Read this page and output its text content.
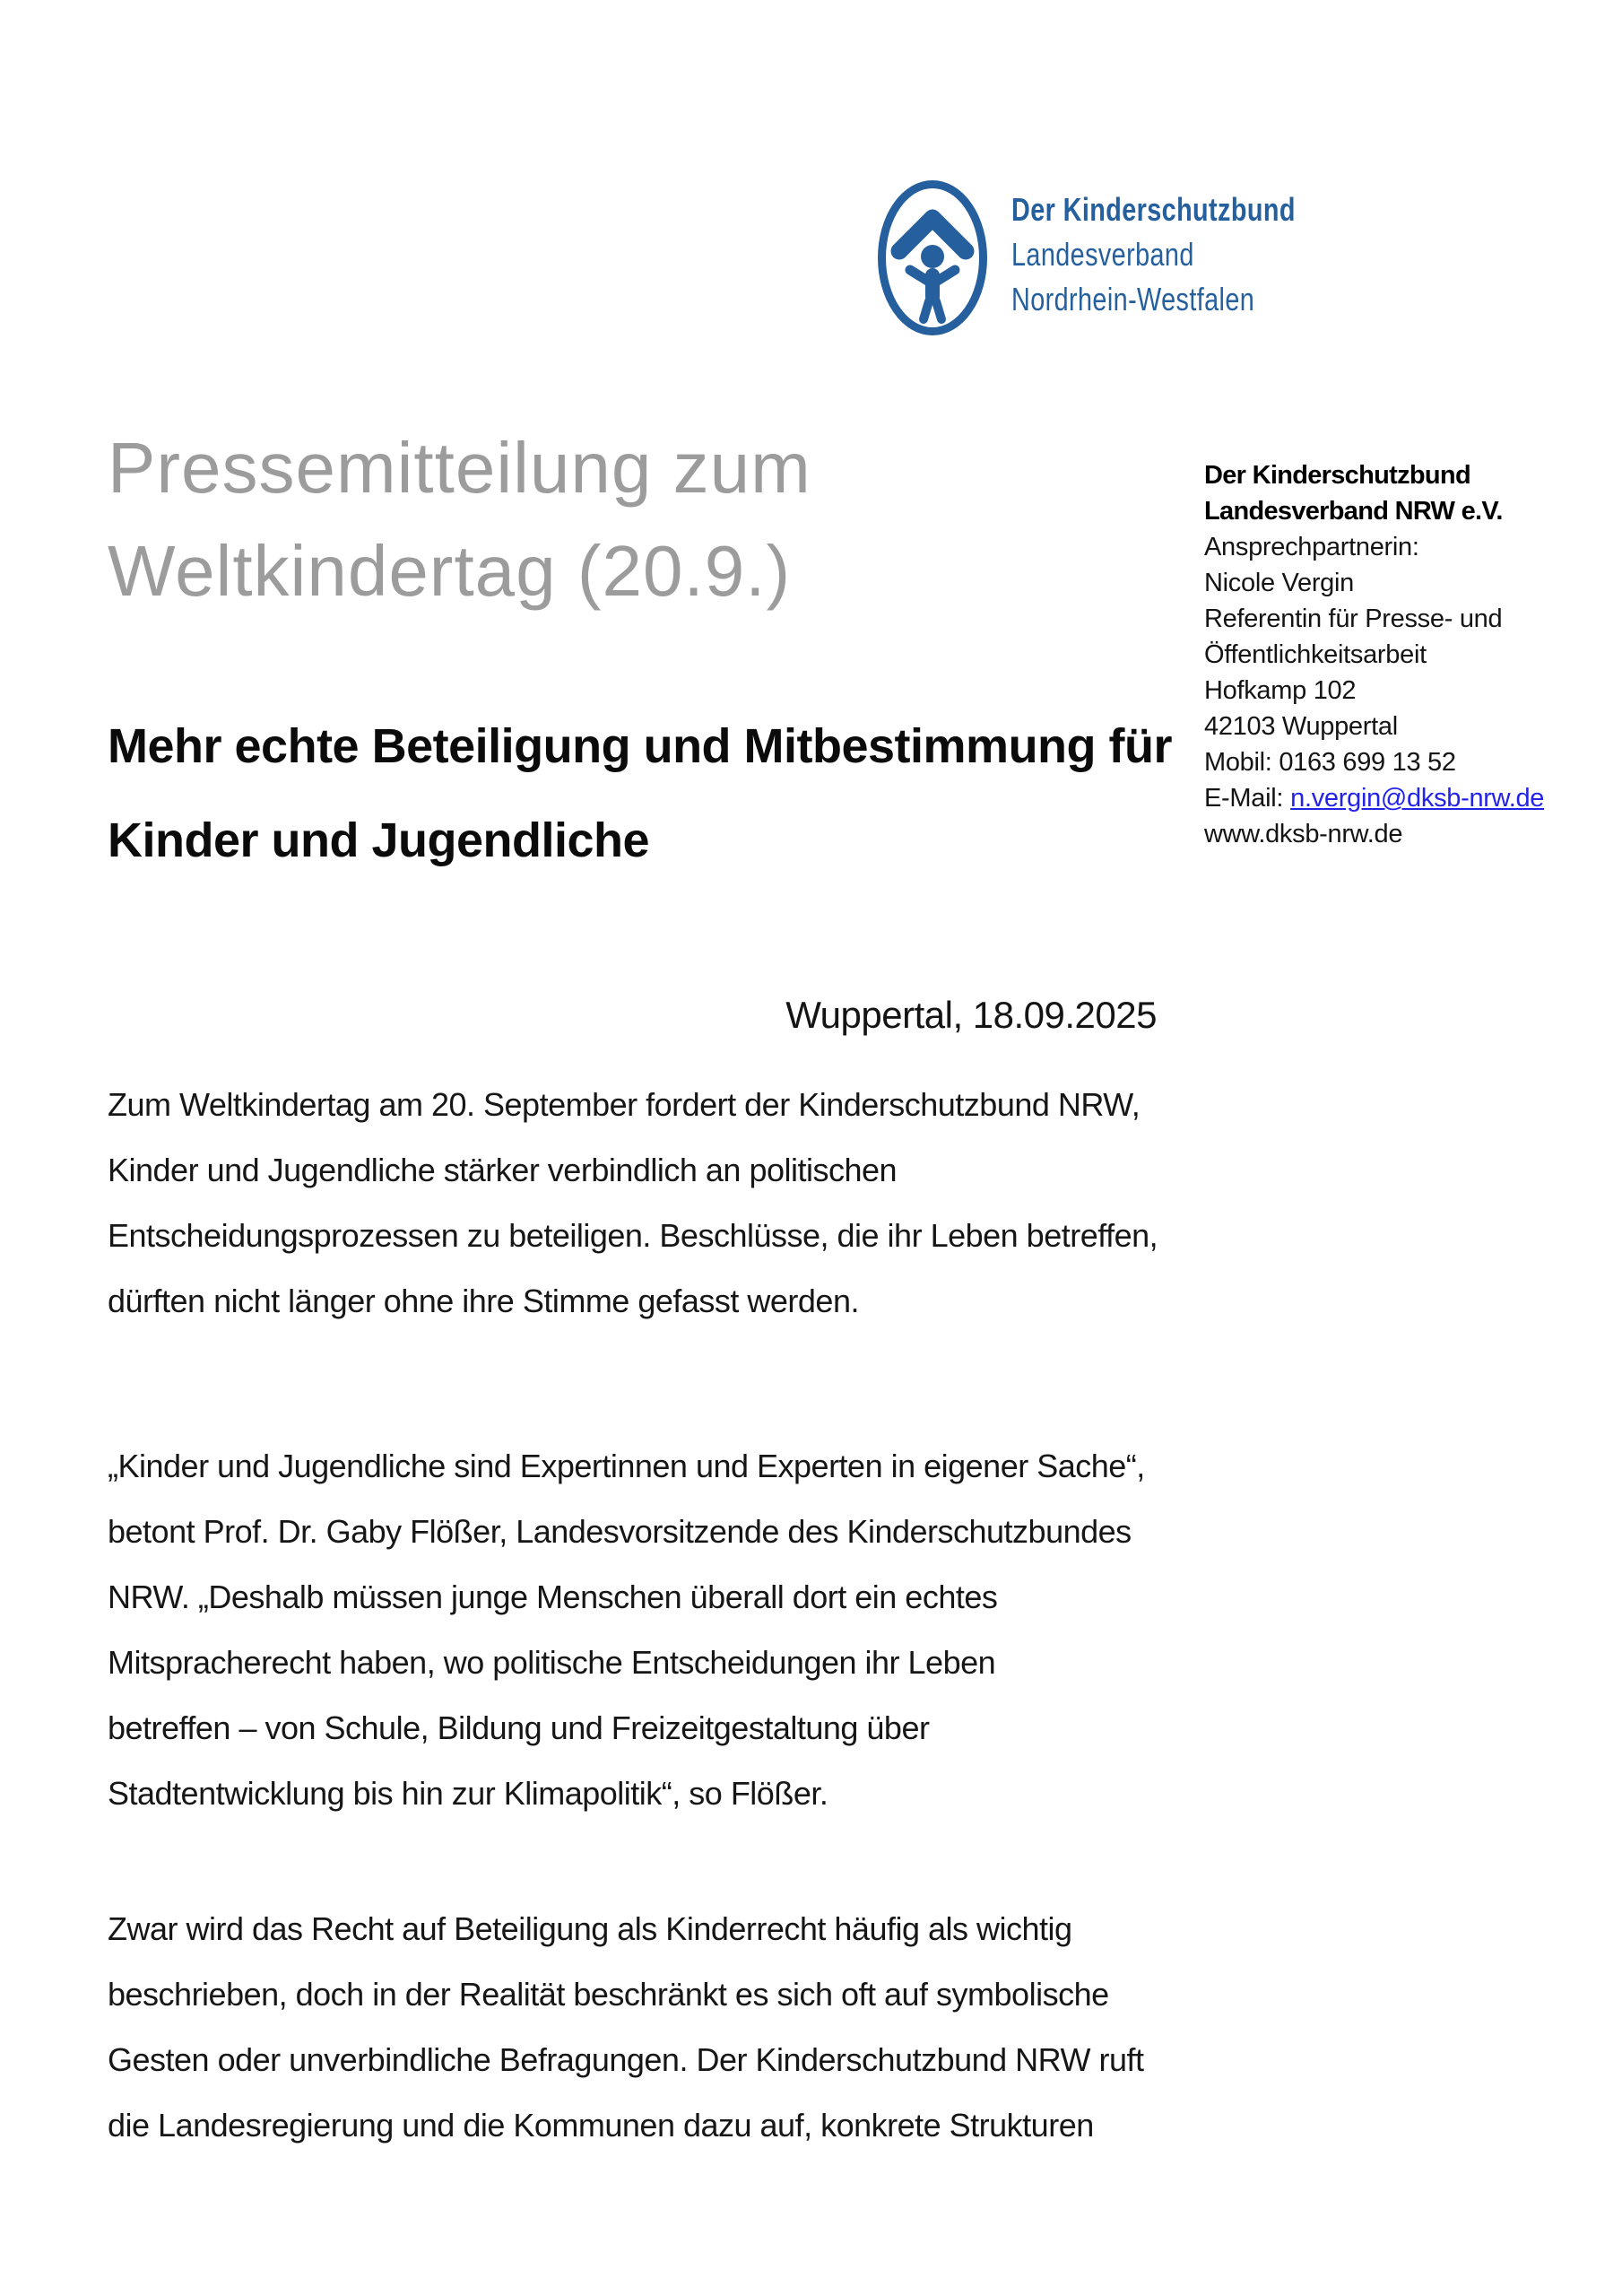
Der Kinderschutzbund
Landesverband
Nordrhein-Westfalen
Pressemitteilung zum
Weltkindertag (20.9.)
Der Kinderschutzbund
Landesverband NRW e.V.
Ansprechpartnerin:
Nicole Vergin
Referentin für Presse- und
Öffentlichkeitsarbeit
Hofkamp 102
42103 Wuppertal
Mobil: 0163 699 13 52
E-Mail: n.vergin@dksb-nrw.de
www.dksb-nrw.de
Mehr echte Beteiligung und Mitbestimmung für
Kinder und Jugendliche
Wuppertal, 18.09.2025
Zum Weltkindertag am 20. September fordert der Kinderschutzbund NRW,
Kinder und Jugendliche stärker verbindlich an politischen
Entscheidungsprozessen zu beteiligen. Beschlüsse, die ihr Leben betreffen,
dürften nicht länger ohne ihre Stimme gefasst werden.
„Kinder und Jugendliche sind Expertinnen und Experten in eigener Sache“,
betont Prof. Dr. Gaby Flößer, Landesvorsitzende des Kinderschutzbundes
NRW. „Deshalb müssen junge Menschen überall dort ein echtes
Mitspracherecht haben, wo politische Entscheidungen ihr Leben
betreffen – von Schule, Bildung und Freizeitgestaltung über
Stadtentwicklung bis hin zur Klimapolitik“, so Flößer.
Zwar wird das Recht auf Beteiligung als Kinderrecht häufig als wichtig
beschrieben, doch in der Realität beschränkt es sich oft auf symbolische
Gesten oder unverbindliche Befragungen. Der Kinderschutzbund NRW ruft
die Landesregierung und die Kommunen dazu auf, konkrete Strukturen
